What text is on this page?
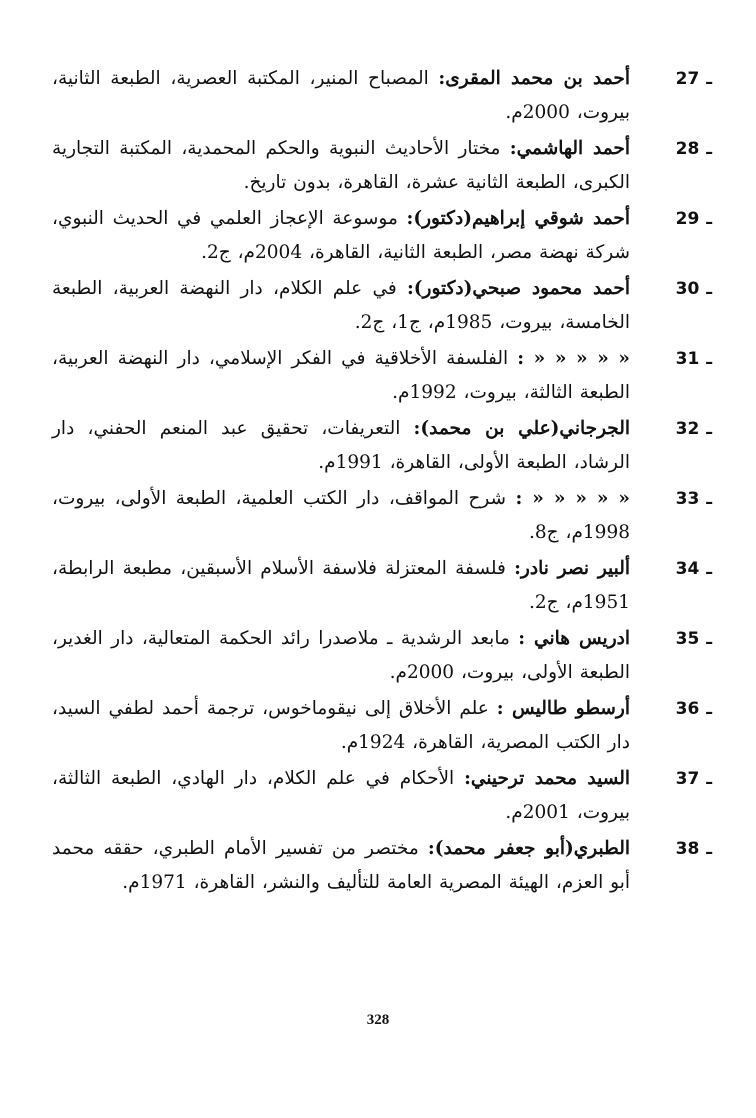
27 ـ
أحمد بن محمد المقرى: المصباح المنير، المكتبة العصرية، الطبعة الثانية، بيروت، 2000م.
28 ـ
أحمد الهاشمي: مختار الأحاديث النبوية والحكم المحمدية، المكتبة التجارية الكبرى، الطبعة الثانية عشرة، القاهرة، بدون تاريخ.
29 ـ
أحمد شوقي إبراهيم(دكتور): موسوعة الإعجاز العلمي في الحديث النبوي، شركة نهضة مصر، الطبعة الثانية، القاهرة، 2004م، ج2.
30 ـ
أحمد محمود صبحي(دكتور): في علم الكلام، دار النهضة العربية، الطبعة الخامسة، بيروت، 1985م، ج1، ج2.
31 ـ
« « « « « : الفلسفة الأخلاقية في الفكر الإسلامي، دار النهضة العربية، الطبعة الثالثة، بيروت، 1992م.
32 ـ
الجرجاني(علي بن محمد): التعريفات، تحقيق عبد المنعم الحفني، دار الرشاد، الطبعة الأولى، القاهرة، 1991م.
33 ـ
« « « « « : شرح المواقف، دار الكتب العلمية، الطبعة الأولى، بيروت، 1998م، ج8.
34 ـ
ألبير نصر نادر: فلسفة المعتزلة فلاسفة الأسلام الأسبقين، مطبعة الرابطة، 1951م، ج2.
35 ـ
ادريس هاني : مابعد الرشدية ـ ملاصدرا رائد الحكمة المتعالية، دار الغدير، الطبعة الأولى، بيروت، 2000م.
36 ـ
أرسطو طاليس : علم الأخلاق إلى نيقوماخوس، ترجمة أحمد لطفي السيد، دار الكتب المصرية، القاهرة، 1924م.
37 ـ
السيد محمد ترحيني: الأحكام في علم الكلام، دار الهادي، الطبعة الثالثة، بيروت، 2001م.
38 ـ
الطبري(أبو جعفر محمد): مختصر من تفسير الأمام الطبري، حققه محمد أبو العزم، الهيئة المصرية العامة للتأليف والنشر، القاهرة، 1971م.
328
